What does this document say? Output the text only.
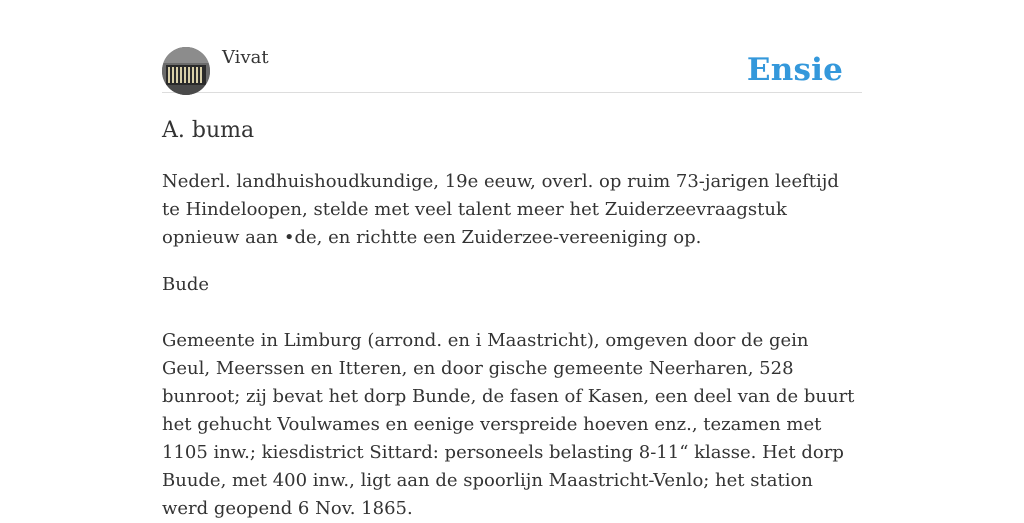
Vivat	Ensie
A. buma

Nederl. landhuishoudkundige, 19e eeuw, overl. op ruim 73-jarigen leeftijd te Hindeloopen, stelde met veel talent meer het Zuiderzeevraagstuk opnieuw aan •de, en richtte een Zuiderzee-vereeniging op.

Bude

Gemeente in Limburg (arrond. en i Maastricht), omgeven door de gein Geul, Meerssen en Itteren, en door gische gemeente Neerharen, 528 bunroot; zij bevat het dorp Bunde, de fasen of Kasen, een deel van de buurt het gehucht Voulwames en eenige verspreide hoeven enz., tezamen met 1105 inw.; kiesdistrict Sittard: personeels belasting 8-11“ klasse. Het dorp Buude, met 400 inw., ligt aan de spoorlijn Maastricht-Venlo; het station werd geopend 6 Nov. 1865.
